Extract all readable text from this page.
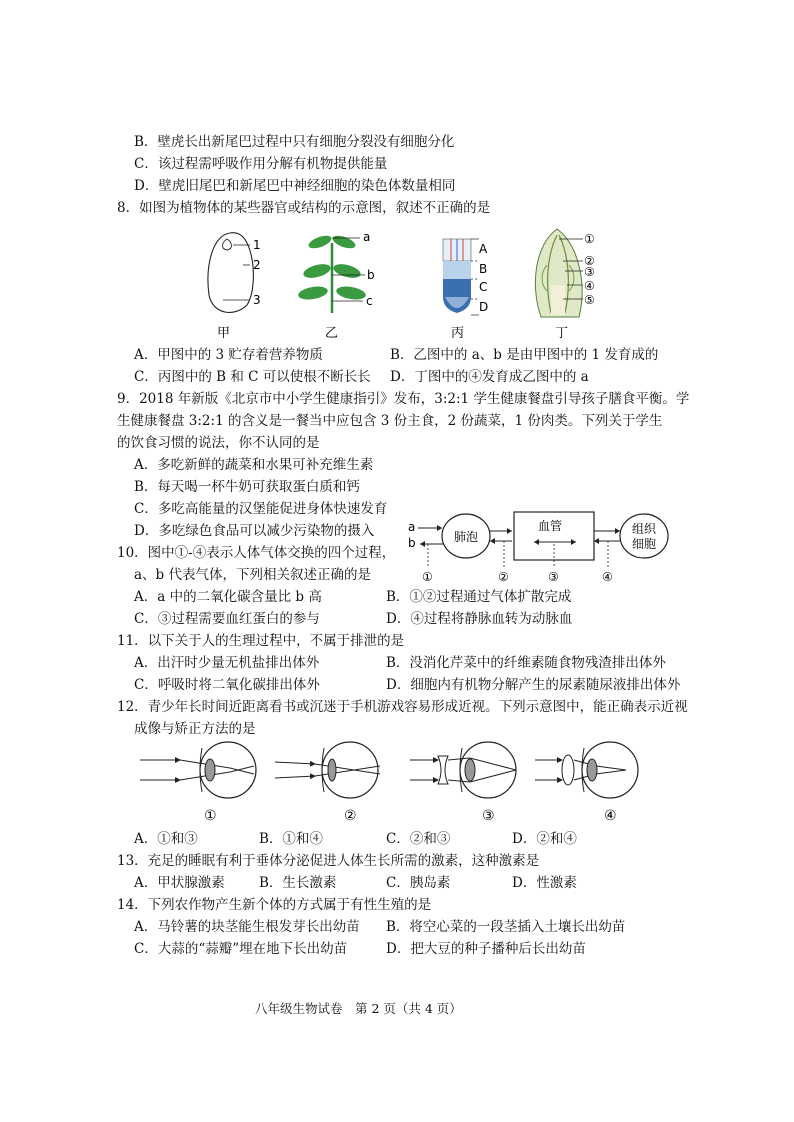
B．壁虎长出新尾巴过程中只有细胞分裂没有细胞分化
C．该过程需呼吸作用分解有机物提供能量
D．壁虎旧尾巴和新尾巴中神经细胞的染色体数量相同
8．如图为植物体的某些器官或结构的示意图，叙述不正确的是
1
2
3
甲
a
b
c
乙
A
B
C
D
丙
①
②
③
④
⑤
丁
A．甲图中的 3 贮存着营养物质	B．乙图中的 a、b 是由甲图中的 1 发育成的
C．丙图中的 B 和 C 可以使根不断长长 D．丁图中的④发育成乙图中的 a
9．2018 年新版《北京市中小学生健康指引》发布，3:2:1 学生健康餐盘引导孩子膳食平衡。学
生健康餐盘 3:2:1 的含义是一餐当中应包含 3 份主食，2 份蔬菜，1 份肉类。下列关于学生
的饮食习惯的说法，你不认同的是
A．多吃新鲜的蔬菜和水果可补充维生素
B．每天喝一杯牛奶可获取蛋白质和钙
C．多吃高能量的汉堡能促进身体快速发育
D．多吃绿色食品可以减少污染物的摄入	a
b	肺泡
血管	组织
细胞
①	②	③	④
10．图中①-④表示人体气体交换的四个过程，
a、b 代表气体，下列相关叙述正确的是
A．a 中的二氧化碳含量比 b 高	B．①②过程通过气体扩散完成
C．③过程需要血红蛋白的参与	D．④过程将静脉血转为动脉血
11．以下关于人的生理过程中，不属于排泄的是
A．出汗时少量无机盐排出体外	B．没消化芹菜中的纤维素随食物残渣排出体外
C．呼吸时将二氧化碳排出体外	D．细胞内有机物分解产生的尿素随尿液排出体外
12．青少年长时间近距离看书或沉迷于手机游戏容易形成近视。下列示意图中，能正确表示近视
成像与矫正方法的是
①	②	③	④
A．①和③	B．①和④	C．②和③	D．②和④
13．充足的睡眠有利于垂体分泌促进人体生长所需的激素，这种激素是
A．甲状腺激素	B．生长激素	C．胰岛素	D．性激素
14．下列农作物产生新个体的方式属于有性生殖的是
A．马铃薯的块茎能生根发芽长出幼苗 B．将空心菜的一段茎插入土壤长出幼苗
C．大蒜的“蒜瓣”埋在地下长出幼苗	D．把大豆的种子播种后长出幼苗
八年级生物试卷　第 2 页（共 4 页）
